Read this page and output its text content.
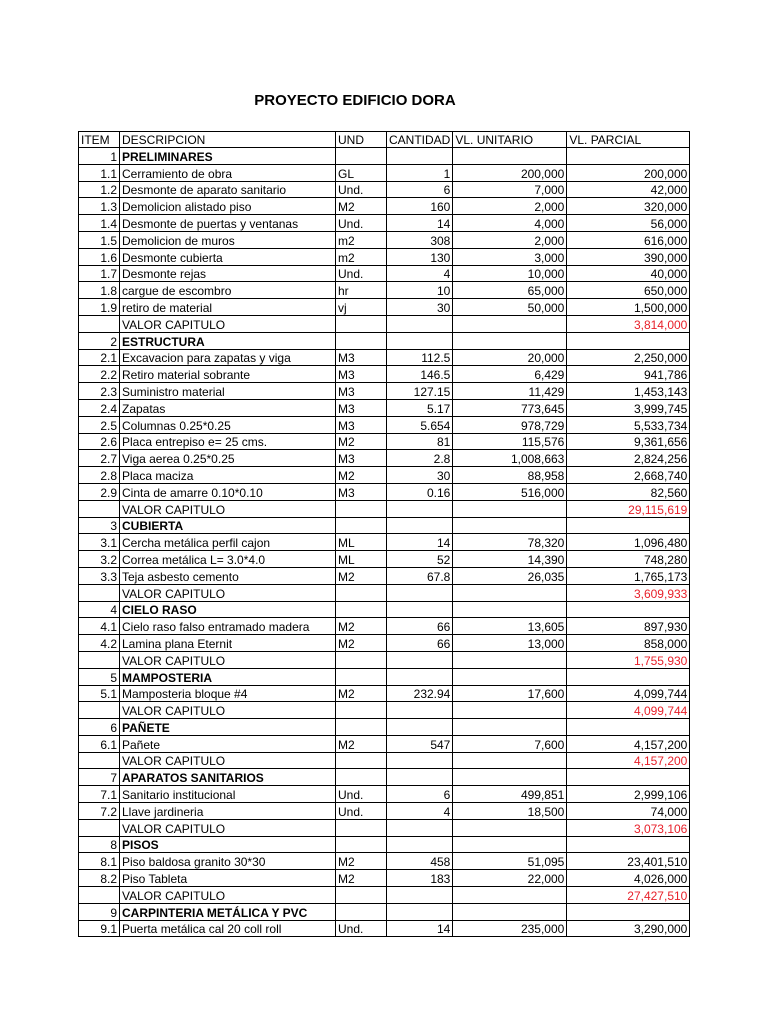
PROYECTO EDIFICIO DORA
ITEM	DESCRIPCION	UND	CANTIDAD	VL. UNITARIO	VL. PARCIAL
1	PRELIMINARES				
1.1	Cerramiento de obra	GL	1	200,000	200,000
1.2	Desmonte de aparato sanitario	Und.	6	7,000	42,000
1.3	Demolicion alistado piso	M2	160	2,000	320,000
1.4	Desmonte de puertas y ventanas	Und.	14	4,000	56,000
1.5	Demolicion de muros	m2	308	2,000	616,000
1.6	Desmonte cubierta	m2	130	3,000	390,000
1.7	Desmonte rejas	Und.	4	10,000	40,000
1.8	cargue de escombro	hr	10	65,000	650,000
1.9	retiro de material	vj	30	50,000	1,500,000
	VALOR CAPITULO				3,814,000
2	ESTRUCTURA				
2.1	Excavacion para zapatas y viga	M3	112.5	20,000	2,250,000
2.2	Retiro material sobrante	M3	146.5	6,429	941,786
2.3	Suministro material	M3	127.15	11,429	1,453,143
2.4	Zapatas	M3	5.17	773,645	3,999,745
2.5	Columnas 0.25*0.25	M3	5.654	978,729	5,533,734
2.6	Placa entrepiso e= 25 cms.	M2	81	115,576	9,361,656
2.7	Viga aerea 0.25*0.25	M3	2.8	1,008,663	2,824,256
2.8	Placa maciza	M2	30	88,958	2,668,740
2.9	Cinta de amarre 0.10*0.10	M3	0.16	516,000	82,560
	VALOR CAPITULO				29,115,619
3	CUBIERTA				
3.1	Cercha metálica perfil cajon	ML	14	78,320	1,096,480
3.2	Correa metálica L= 3.0*4.0	ML	52	14,390	748,280
3.3	Teja asbesto cemento	M2	67.8	26,035	1,765,173
	VALOR CAPITULO				3,609,933
4	CIELO RASO				
4.1	Cielo raso falso entramado madera	M2	66	13,605	897,930
4.2	Lamina plana Eternit	M2	66	13,000	858,000
	VALOR CAPITULO				1,755,930
5	MAMPOSTERIA				
5.1	Mamposteria bloque #4	M2	232.94	17,600	4,099,744
	VALOR CAPITULO				4,099,744
6	PAÑETE				
6.1	Pañete	M2	547	7,600	4,157,200
	VALOR CAPITULO				4,157,200
7	APARATOS SANITARIOS				
7.1	Sanitario institucional	Und.	6	499,851	2,999,106
7.2	Llave jardineria	Und.	4	18,500	74,000
	VALOR CAPITULO				3,073,106
8	PISOS				
8.1	Piso baldosa granito 30*30	M2	458	51,095	23,401,510
8.2	Piso Tableta	M2	183	22,000	4,026,000
	VALOR CAPITULO				27,427,510
9	CARPINTERIA METÁLICA Y PVC				
9.1	Puerta metálica cal 20 coll roll	Und.	14	235,000	3,290,000
